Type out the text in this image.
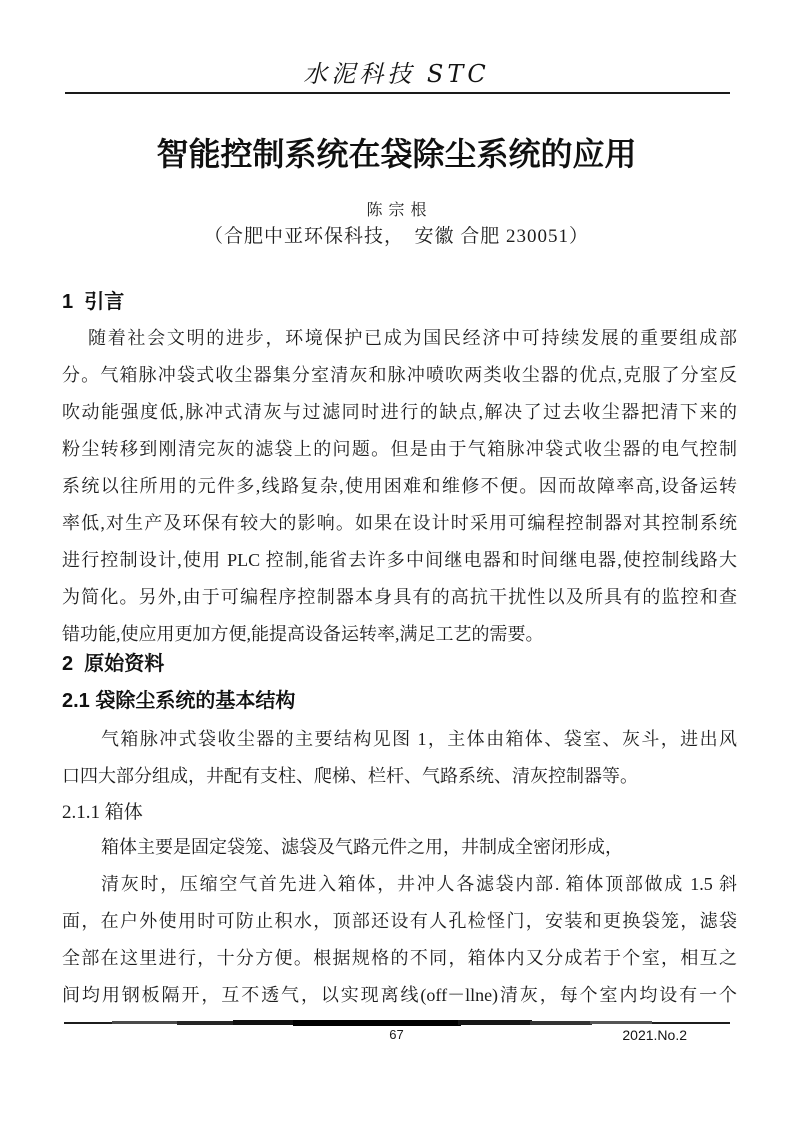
水泥科技 STC
智能控制系统在袋除尘系统的应用
陈宗根
（合肥中亚环保科技，　安徽 合肥 230051）
1  引言
随着社会文明的进步，环境保护已成为国民经济中可持续发展的重要组成部
分。气箱脉冲袋式收尘器集分室清灰和脉冲喷吹两类收尘器的优点,克服了分室反
吹动能强度低,脉冲式清灰与过滤同时进行的缺点,解决了过去收尘器把清下来的
粉尘转移到刚清完灰的滤袋上的问题。但是由于气箱脉冲袋式收尘器的电气控制
系统以往所用的元件多,线路复杂,使用困难和维修不便。因而故障率高,设备运转
率低,对生产及环保有较大的影响。如果在设计时采用可编程控制器对其控制系统
进行控制设计,使用 PLC 控制,能省去许多中间继电器和时间继电器,使控制线路大
为简化。另外,由于可编程序控制器本身具有的高抗干扰性以及所具有的监控和查
错功能,使应用更加方便,能提高设备运转率,满足工艺的需要。
2  原始资料
2.1 袋除尘系统的基本结构
气箱脉冲式袋收尘器的主要结构见图 1，主体由箱体、袋室、灰斗，进出风
口四大部分组成，井配有支柱、爬梯、栏杆、气路系统、清灰控制器等。
2.1.1 箱体
箱体主要是固定袋笼、滤袋及气路元件之用，井制成全密闭形成，
清灰时，压缩空气首先进入箱体，井冲人各滤袋内部. 箱体顶部做成 1.5 斜
面，在户外使用时可防止积水，顶部还设有人孔检怪门，安装和更换袋笼，滤袋
全部在这里进行，十分方便。根据规格的不同，箱体内又分成若于个室，相互之
间均用钢板隔开，互不透气，以实现离线(off－llne)清灰，每个室内均设有一个
67	2021.No.2
